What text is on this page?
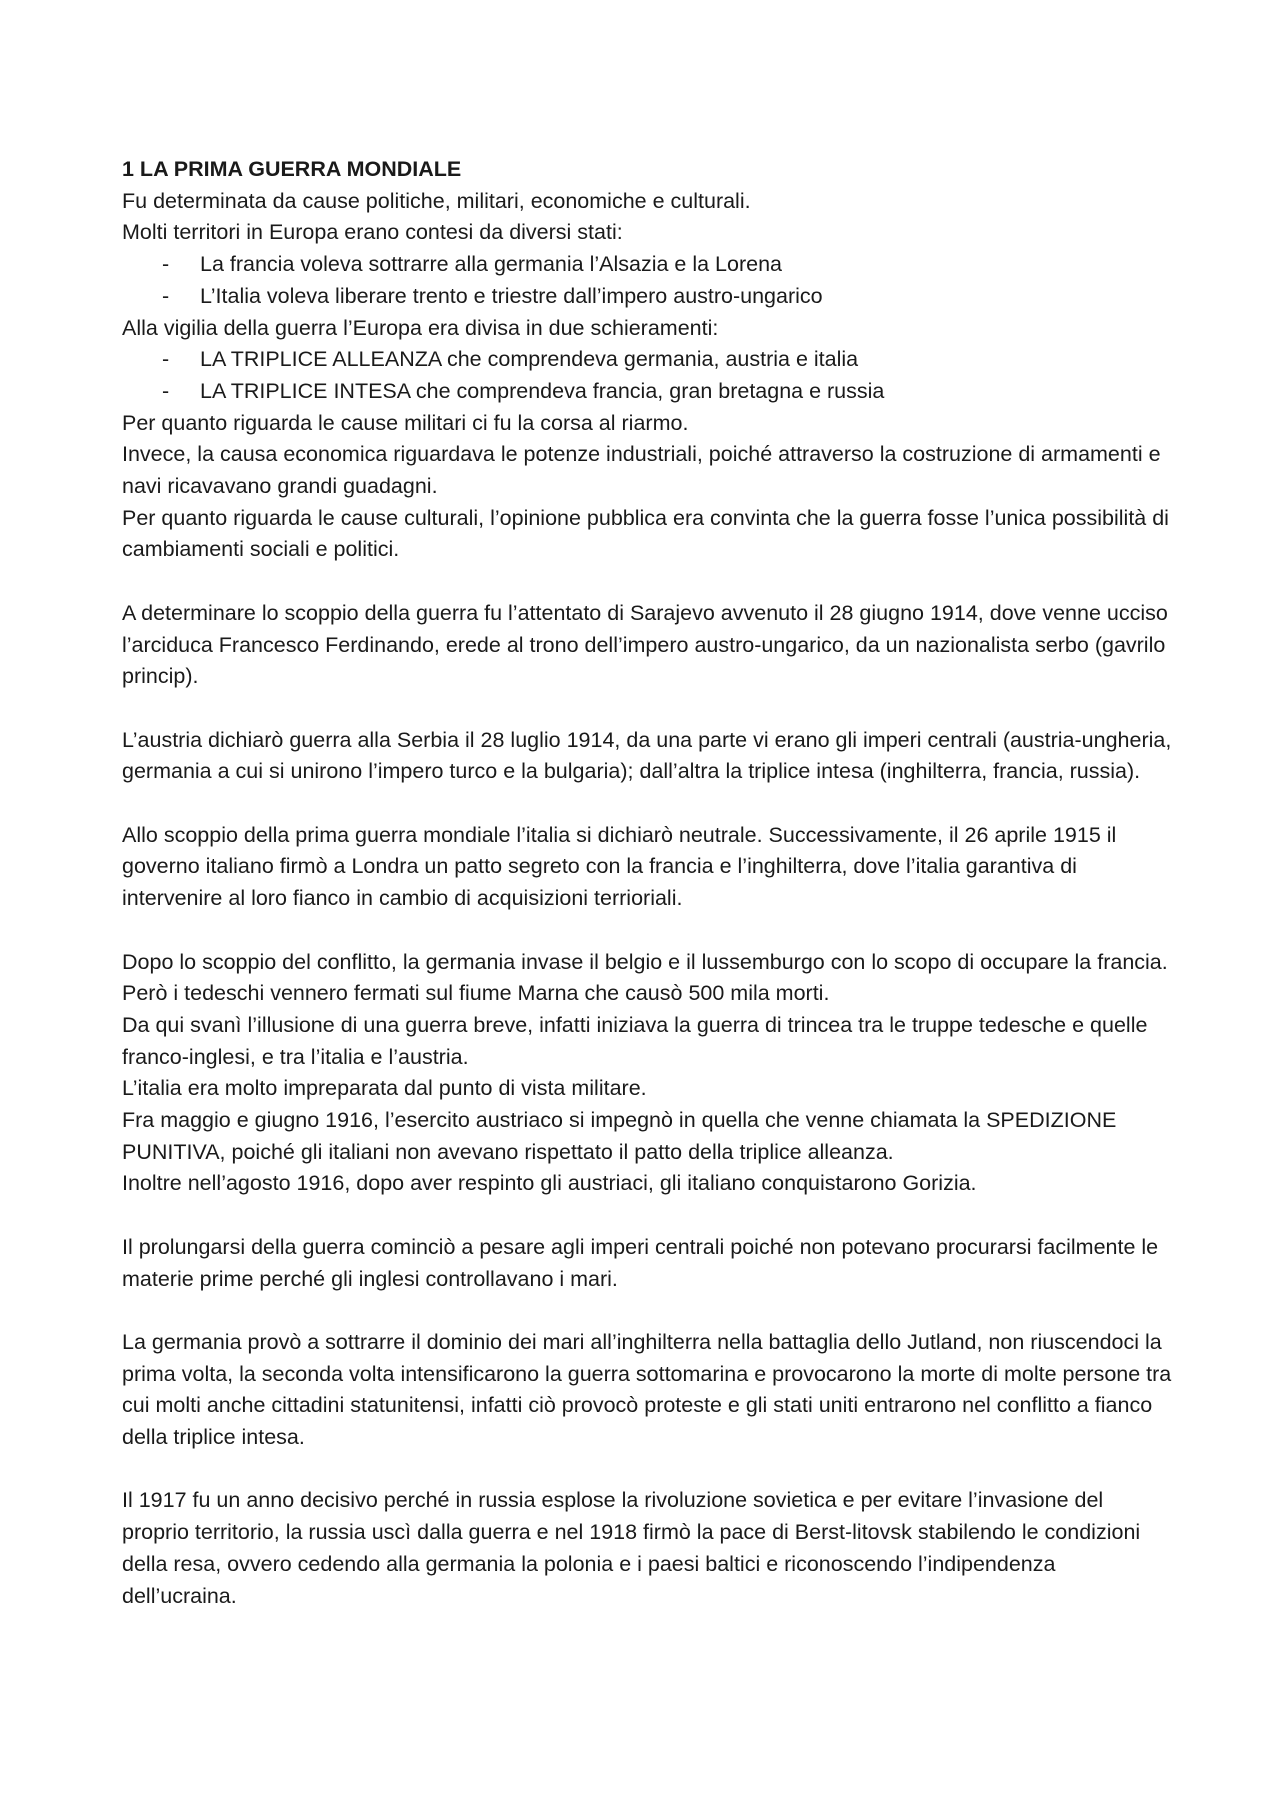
1 LA PRIMA GUERRA MONDIALE

Fu determinata da cause politiche, militari, economiche e culturali.

Molti territori in Europa erano contesi da diversi stati:

- La francia voleva sottrarre alla germania l’Alsazia e la Lorena
- L’Italia voleva liberare trento e triestre dall’impero austro-ungarico

Alla vigilia della guerra l’Europa era divisa in due schieramenti:

- LA TRIPLICE ALLEANZA che comprendeva germania, austria e italia
- LA TRIPLICE INTESA che comprendeva francia, gran bretagna e russia

Per quanto riguarda le cause militari ci fu la corsa al riarmo.

Invece, la causa economica riguardava le potenze industriali, poiché attraverso la costruzione di armamenti e navi ricavavano grandi guadagni.

Per quanto riguarda le cause culturali, l’opinione pubblica era convinta che la guerra fosse l’unica possibilità di cambiamenti sociali e politici.

A determinare lo scoppio della guerra fu l’attentato di Sarajevo avvenuto il 28 giugno 1914, dove venne ucciso l’arciduca Francesco Ferdinando, erede al trono dell’impero austro-ungarico, da un nazionalista serbo (gavrilo princip).

L’austria dichiarò guerra alla Serbia il 28 luglio 1914, da una parte vi erano gli imperi centrali (austria-ungheria, germania a cui si unirono l’impero turco e la bulgaria); dall’altra la triplice intesa (inghilterra, francia, russia).

Allo scoppio della prima guerra mondiale l’italia si dichiarò neutrale. Successivamente, il 26 aprile 1915 il governo italiano firmò a Londra un patto segreto con la francia e l’inghilterra, dove l’italia garantiva di intervenire al loro fianco in cambio di acquisizioni terrioriali.

Dopo lo scoppio del conflitto, la germania invase il belgio e il lussemburgo con lo scopo di occupare la francia. Però i tedeschi vennero fermati sul fiume Marna che causò 500 mila morti.

Da qui svanì l’illusione di una guerra breve, infatti iniziava la guerra di trincea tra le truppe tedesche e quelle franco-inglesi, e tra l’italia e l’austria.

L’italia era molto impreparata dal punto di vista militare.

Fra maggio e giugno 1916, l’esercito austriaco si impegnò in quella che venne chiamata la SPEDIZIONE PUNITIVA, poiché gli italiani non avevano rispettato il patto della triplice alleanza.

Inoltre nell’agosto 1916, dopo aver respinto gli austriaci, gli italiano conquistarono Gorizia.

Il prolungarsi della guerra cominciò a pesare agli imperi centrali poiché non potevano procurarsi facilmente le materie prime perché gli inglesi controllavano i mari.

La germania provò a sottrarre il dominio dei mari all’inghilterra nella battaglia dello Jutland, non riuscendoci la prima volta, la seconda volta intensificarono la guerra sottomarina e provocarono la morte di molte persone tra cui molti anche cittadini statunitensi, infatti ciò provocò proteste e gli stati uniti entrarono nel conflitto a fianco della triplice intesa.

Il 1917 fu un anno decisivo perché in russia esplose la rivoluzione sovietica e per evitare l’invasione del proprio territorio, la russia uscì dalla guerra e nel 1918 firmò la pace di Berst-litovsk stabilendo le condizioni della resa, ovvero cedendo alla germania la polonia e i paesi baltici e riconoscendo l’indipendenza dell’ucraina.
